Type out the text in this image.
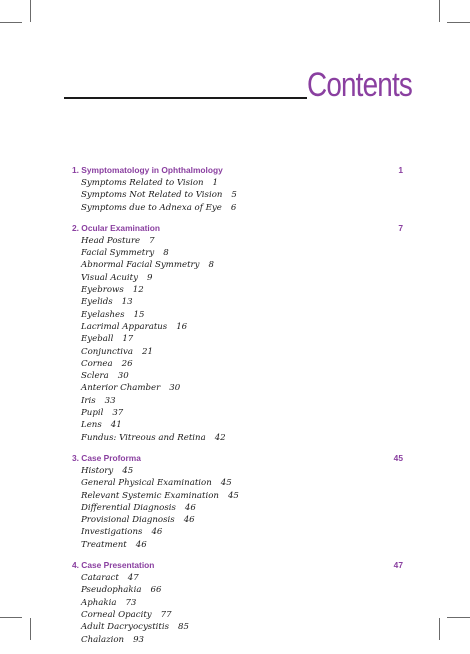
Contents
1. Symptomatology in Ophthalmology	1
Symptoms Related to Vision 1
Symptoms Not Related to Vision 5
Symptoms due to Adnexa of Eye 6
2. Ocular Examination	7
Head Posture 7
Facial Symmetry 8
Abnormal Facial Symmetry 8
Visual Acuity 9
Eyebrows 12
Eyelids 13
Eyelashes 15
Lacrimal Apparatus 16
Eyeball 17
Conjunctiva 21
Cornea 26
Sclera 30
Anterior Chamber 30
Iris 33
Pupil 37
Lens 41
Fundus: Vitreous and Retina 42
3. Case Proforma	45
History 45
General Physical Examination 45
Relevant Systemic Examination 45
Differential Diagnosis 46
Provisional Diagnosis 46
Investigations 46
Treatment 46
4. Case Presentation	47
Cataract 47
Pseudophakia 66
Aphakia 73
Corneal Opacity 77
Adult Dacryocystitis 85
Chalazion 93
